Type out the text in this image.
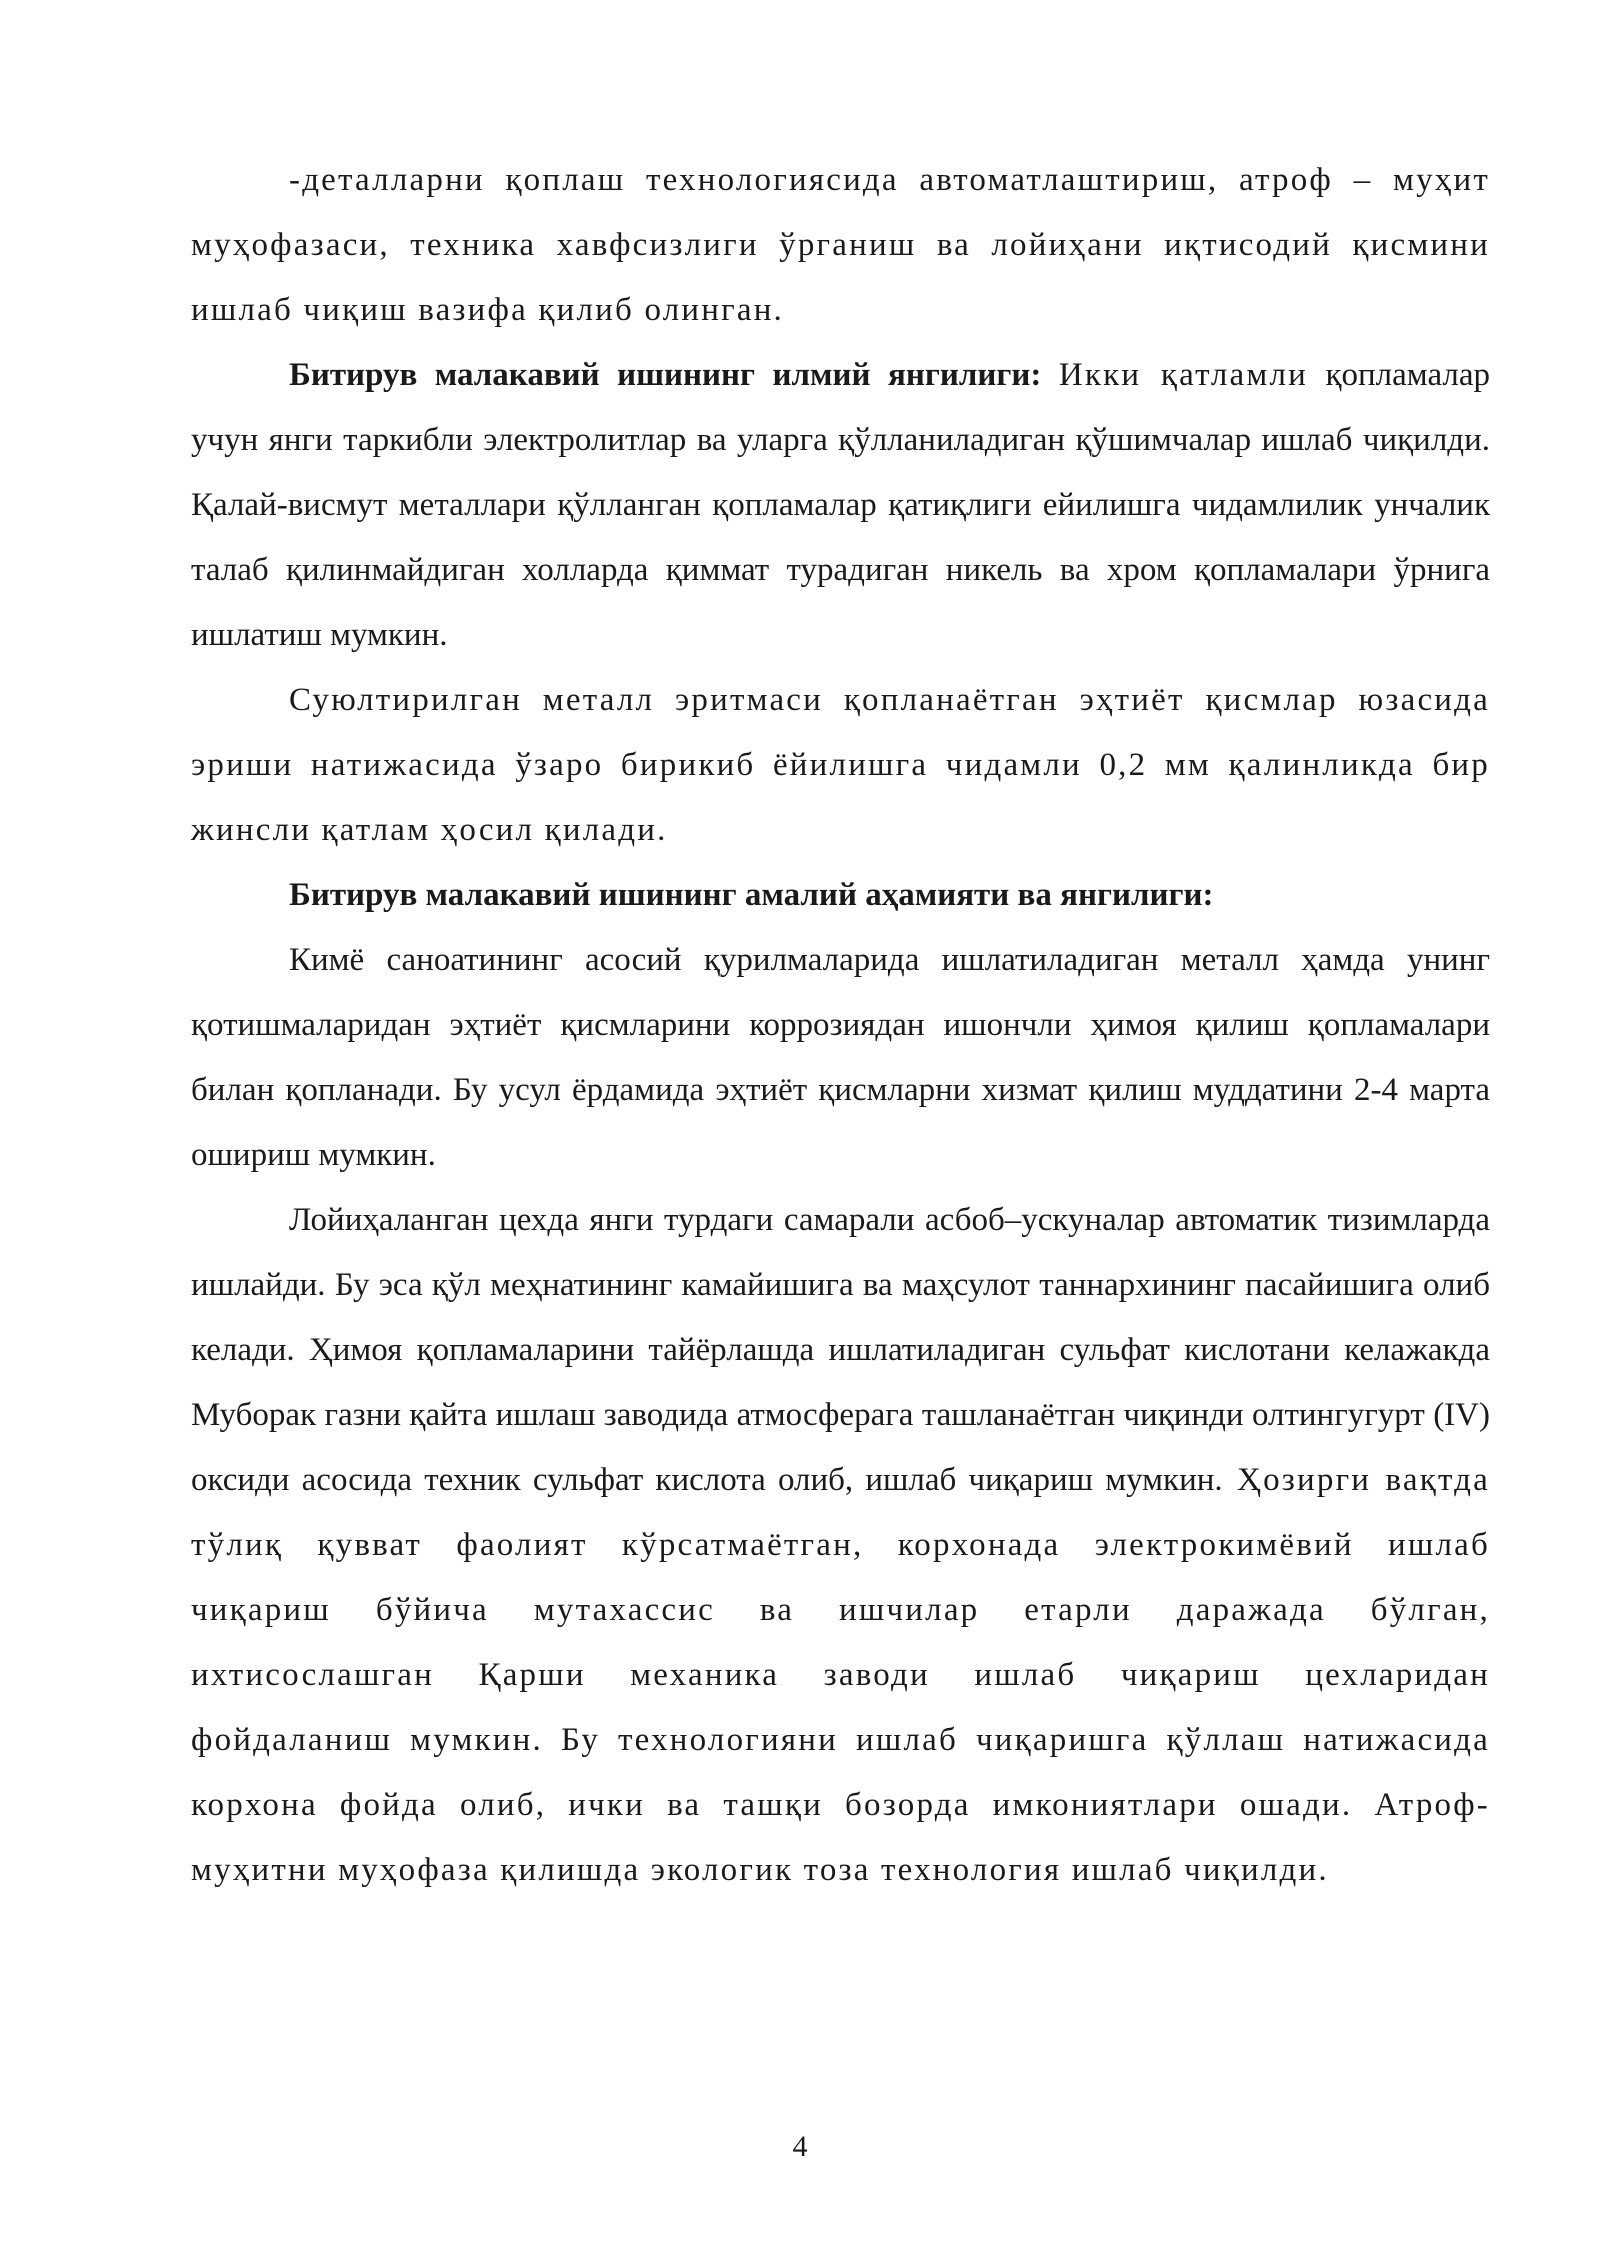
-деталларни қоплаш технологиясида автоматлаштириш, атроф – муҳит муҳофазаси, техника хавфсизлиги ўрганиш ва лойиҳани иқтисодий қисмини ишлаб чиқиш вазифа қилиб олинган.

Битирув малакавий ишининг илмий янгилиги: Икки қатламли қопламалар учун янги таркибли электролитлар ва уларга қўлланиладиган қўшимчалар ишлаб чиқилди. Қалай-висмут металлари қўлланган қопламалар қатиқлиги ейилишга чидамлилик унчалик талаб қилинмайдиган холларда қиммат турадиган никель ва хром қопламалари ўрнига ишлатиш мумкин.

Суюлтирилган металл эритмаси қопланаётган эҳтиёт қисмлар юзасида эриши натижасида ўзаро бирикиб ёйилишга чидамли 0,2 мм қалинликда бир жинсли қатлам ҳосил қилади.

Битирув малакавий ишининг амалий аҳамияти ва янгилиги:

Кимё саноатининг асосий қурилмаларида ишлатиладиган металл ҳамда унинг қотишмаларидан эҳтиёт қисмларини коррозиядан ишончли ҳимоя қилиш қопламалари билан қопланади. Бу усул ёрдамида эҳтиёт қисмларни хизмат қилиш муддатини 2-4 марта ошириш мумкин.

Лойиҳаланган цехда янги турдаги самарали асбоб–ускуналар автоматик тизимларда ишлайди. Бу эса қўл меҳнатининг камайишига ва маҳсулот таннархининг пасайишига олиб келади. Ҳимоя қопламаларини тайёрлашда ишлатиладиган сульфат кислотани келажакда Муборак газни қайта ишлаш заводида атмосферага ташланаётган чиқинди олтингугурт (IV) оксиди асосида техник сульфат кислота олиб, ишлаб чиқариш мумкин. Ҳозирги вақтда тўлиқ қувват фаолият кўрсатмаётган, корхонада электрокимёвий ишлаб чиқариш бўйича мутахассис ва ишчилар етарли даражада бўлган, ихтисослашган Қарши механика заводи ишлаб чиқариш цехларидан фойдаланиш мумкин. Бу технологияни ишлаб чиқаришга қўллаш натижасида корхона фойда олиб, ички ва ташқи бозорда имкониятлари ошади. Атроф-муҳитни муҳофаза қилишда экологик тоза технология ишлаб чиқилди.

4
